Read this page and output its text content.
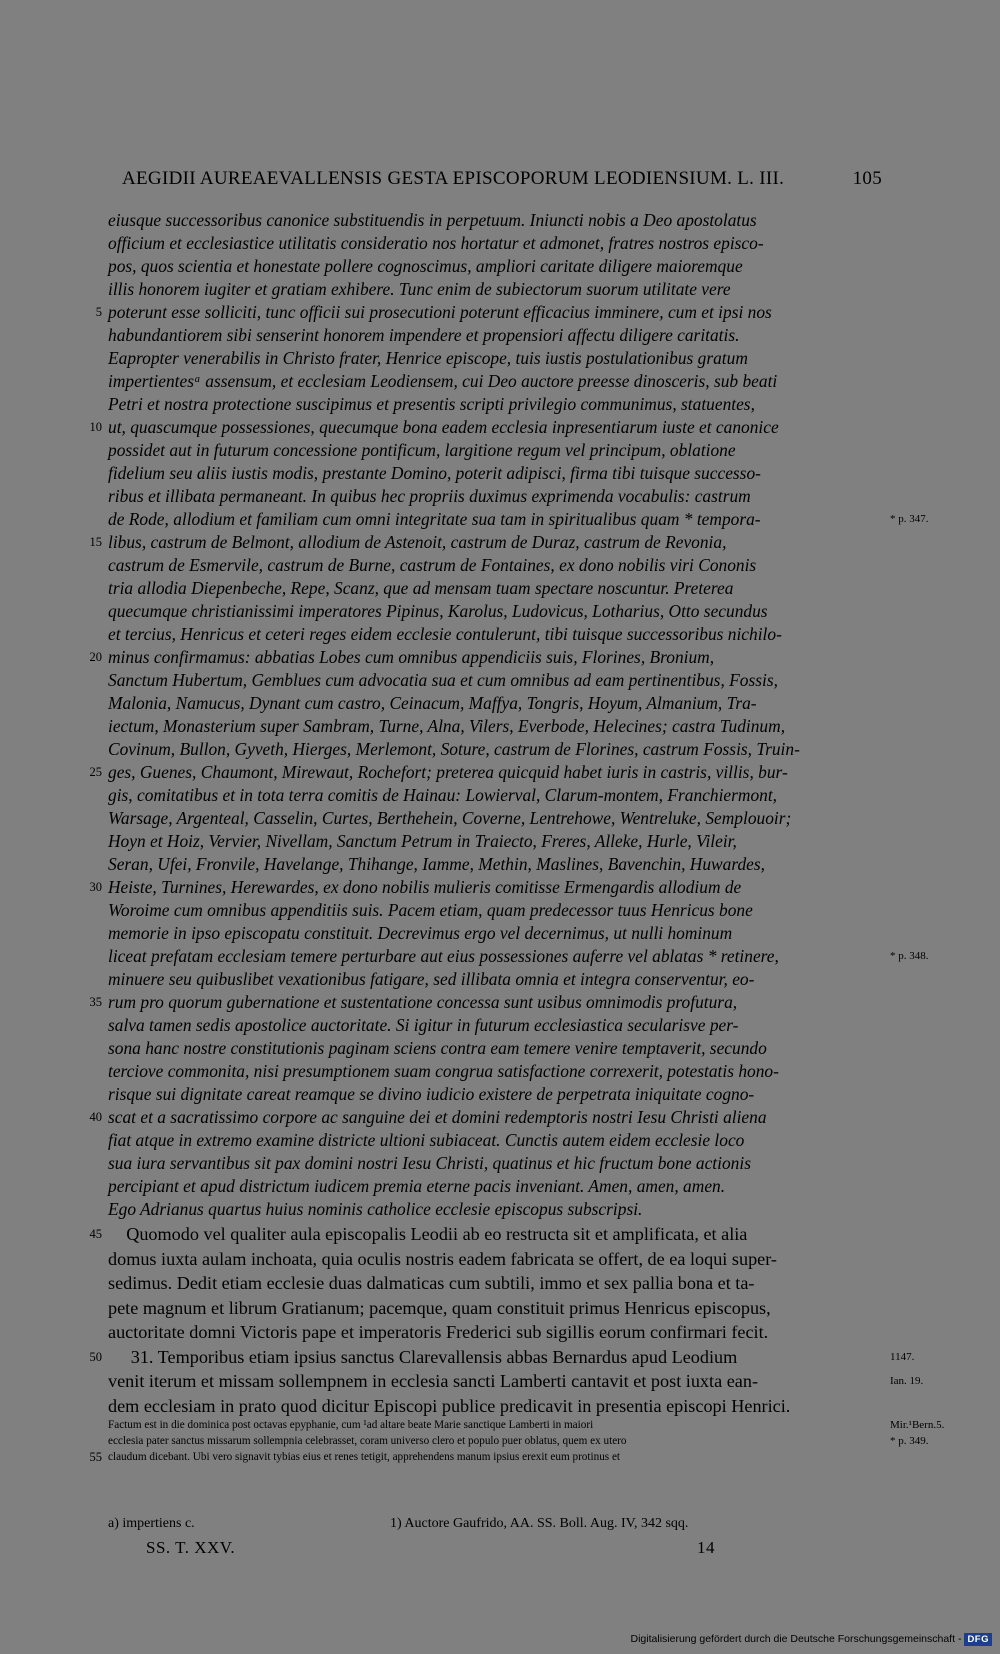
AEGIDII AUREAEVALLENSIS GESTA EPISCOPORUM LEODIENSIUM. L. III.	105
eiusque successoribus canonice substituendis in perpetuum. Iniuncti nobis a Deo apostolatus
officium et ecclesiastice utilitatis consideratio nos hortatur et admonet, fratres nostros episco-
pos, quos scientia et honestate pollere cognoscimus, ampliori caritate diligere maioremque
illis honorem iugiter et gratiam exhibere. Tunc enim de subiectorum suorum utilitate vere
5 poterunt esse solliciti, tunc officii sui prosecutioni poterunt efficacius imminere, cum et ipsi nos
habundantiorem sibi senserint honorem impendere et propensiori affectu diligere caritatis.
Eapropter venerabilis in Christo frater, Henrice episcope, tuis iustis postulationibus gratum
impertientesᵃ assensum, et ecclesiam Leodiensem, cui Deo auctore preesse dinosceris, sub beati
Petri et nostra protectione suscipimus et presentis scripti privilegio communimus, statuentes,
10 ut, quascumque possessiones, quecumque bona eadem ecclesia inpresentiarum iuste et canonice
possidet aut in futurum concessione pontificum, largitione regum vel principum, oblatione
fidelium seu aliis iustis modis, prestante Domino, poterit adipisci, firma tibi tuisque successo-
ribus et illibata permaneant. In quibus hec propriis duximus exprimenda vocabulis: castrum
de Rode, allodium et familiam cum omni integritate sua tam in spiritualibus quam * tempora-	* p. 347.
15 libus, castrum de Belmont, allodium de Astenoit, castrum de Duraz, castrum de Revonia,
castrum de Esmervile, castrum de Burne, castrum de Fontaines, ex dono nobilis viri Cononis
tria allodia Diepenbeche, Repe, Scanz, que ad mensam tuam spectare noscuntur. Preterea
quecumque christianissimi imperatores Pipinus, Karolus, Ludovicus, Lotharius, Otto secundus
et tercius, Henricus et ceteri reges eidem ecclesie contulerunt, tibi tuisque successoribus nichilo-
20 minus confirmamus: abbatias Lobes cum omnibus appendiciis suis, Florines, Bronium,
Sanctum Hubertum, Gemblues cum advocatia sua et cum omnibus ad eam pertinentibus, Fossis,
Malonia, Namucus, Dynant cum castro, Ceinacum, Maffya, Tongris, Hoyum, Almanium, Tra-
iectum, Monasterium super Sambram, Turne, Alna, Vilers, Everbode, Helecines; castra Tudinum,
Covinum, Bullon, Gyveth, Hierges, Merlemont, Soture, castrum de Florines, castrum Fossis, Truin-
25 ges, Guenes, Chaumont, Mirewaut, Rochefort; preterea quicquid habet iuris in castris, villis, bur-
gis, comitatibus et in tota terra comitis de Hainau: Lowierval, Clarum-montem, Franchiermont,
Warsage, Argenteal, Casselin, Curtes, Berthehein, Coverne, Lentrehowe, Wentreluke, Semplouoir;
Hoyn et Hoiz, Vervier, Nivellam, Sanctum Petrum in Traiecto, Freres, Alleke, Hurle, Vileir,
Seran, Ufei, Fronvile, Havelange, Thihange, Iamme, Methin, Maslines, Bavenchin, Huwardes,
30 Heiste, Turnines, Herewardes, ex dono nobilis mulieris comitisse Ermengardis allodium de
Woroime cum omnibus appenditiis suis. Pacem etiam, quam predecessor tuus Henricus bone
memorie in ipso episcopatu constituit. Decrevimus ergo vel decernimus, ut nulli hominum
liceat prefatam ecclesiam temere perturbare aut eius possessiones auferre vel ablatas * retinere,	* p. 348.
minuere seu quibuslibet vexationibus fatigare, sed illibata omnia et integra conserventur, eo-
35 rum pro quorum gubernatione et sustentatione concessa sunt usibus omnimodis profutura,
salva tamen sedis apostolice auctoritate. Si igitur in futurum ecclesiastica secularisve per-
sona hanc nostre constitutionis paginam sciens contra eam temere venire temptaverit, secundo
terciove commonita, nisi presumptionem suam congrua satisfactione correxerit, potestatis hono-
risque sui dignitate careat reamque se divino iudicio existere de perpetrata iniquitate cogno-
40 scat et a sacratissimo corpore ac sanguine dei et domini redemptoris nostri Iesu Christi aliena
fiat atque in extremo examine districte ultioni subiaceat. Cunctis autem eidem ecclesie loco
sua iura servantibus sit pax domini nostri Iesu Christi, quatinus et hic fructum bone actionis
percipiant et apud districtum iudicem premia eterne pacis inveniant. Amen, amen, amen.
Ego Adrianus quartus huius nominis catholice ecclesie episcopus subscripsi.
45  Quomodo vel qualiter aula episcopalis Leodii ab eo restructa sit et amplificata, et alia
domus iuxta aulam inchoata, quia oculis nostris eadem fabricata se offert, de ea loqui super-
sedimus. Dedit etiam ecclesie duas dalmaticas cum subtili, immo et sex pallia bona et ta-
pete magnum et librum Gratianum; pacemque, quam constituit primus Henricus episcopus,
auctoritate domni Victoris pape et imperatoris Frederici sub sigillis eorum confirmari fecit.
50   31. Temporibus etiam ipsius sanctus Clarevallensis abbas Bernardus apud Leodium	1147.
venit iterum et missam sollempnem in ecclesia sancti Lamberti cantavit et post iuxta ean-	Ian. 19.
dem ecclesiam in prato quod dicitur Episcopi publice predicavit in presentia episcopi Henrici.
Factum est in die dominica post octavas epyphanie, cum ¹ad altare beate Marie sanctique Lamberti in maiori	Mir.¹Bern.5.
ecclesia pater sanctus missarum sollempnia celebrasset, coram universo clero et populo puer oblatus, quem ex utero	* p. 349.
55 claudum dicebant. Ubi vero signavit tybias eius et renes tetigit, apprehendens manum ipsius erexit eum protinus et
a) impertiens c.	1) Auctore Gaufrido, AA. SS. Boll. Aug. IV, 342 sqq.
SS. T. XXV.	14
Digitalisierung gefördert durch die Deutsche Forschungsgemeinschaft - DFG
